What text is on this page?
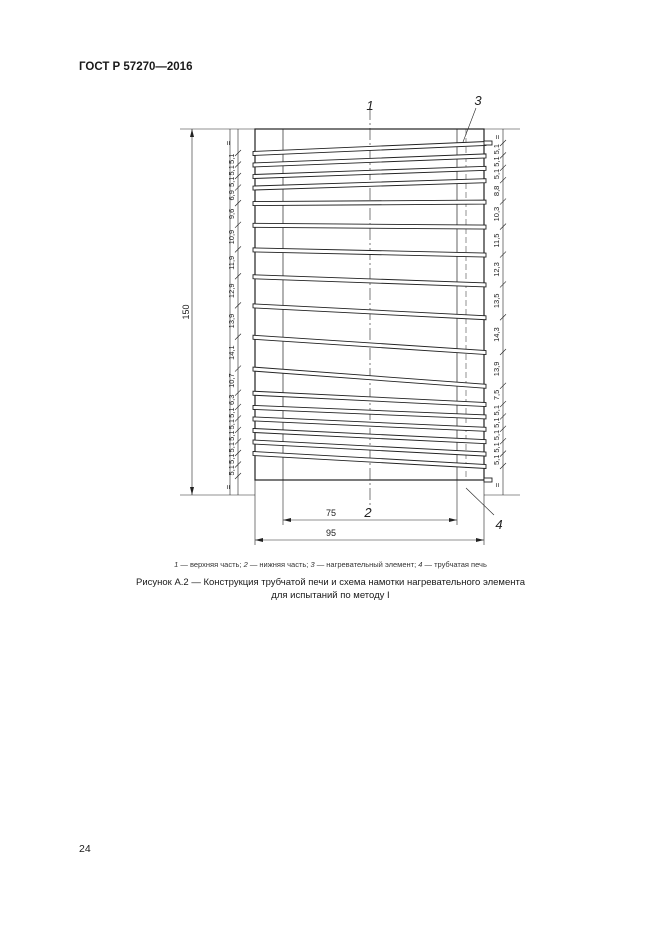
ГОСТ Р 57270—2016
150
75
95
=
=
=
=
5,1
5,1
5,1
6,9
9,6
10,9
11,9
12,9
13,9
14,1
10,7
6,3
5,1
5,1
5,1
5,1
5,1
5,1
5,1
5,1
5,1
8,8
10,3
11,5
12,3
13,5
14,3
13,9
7,5
5,1
5,1
5,1
5,1
5,1
1
2
3
4
1 — верхняя часть; 2 — нижняя часть; 3 — нагревательный элемент; 4 — трубчатая печь
Рисунок А.2 — Конструкция трубчатой печи и схема намотки нагревательного элемента
для испытаний по методу I
24
